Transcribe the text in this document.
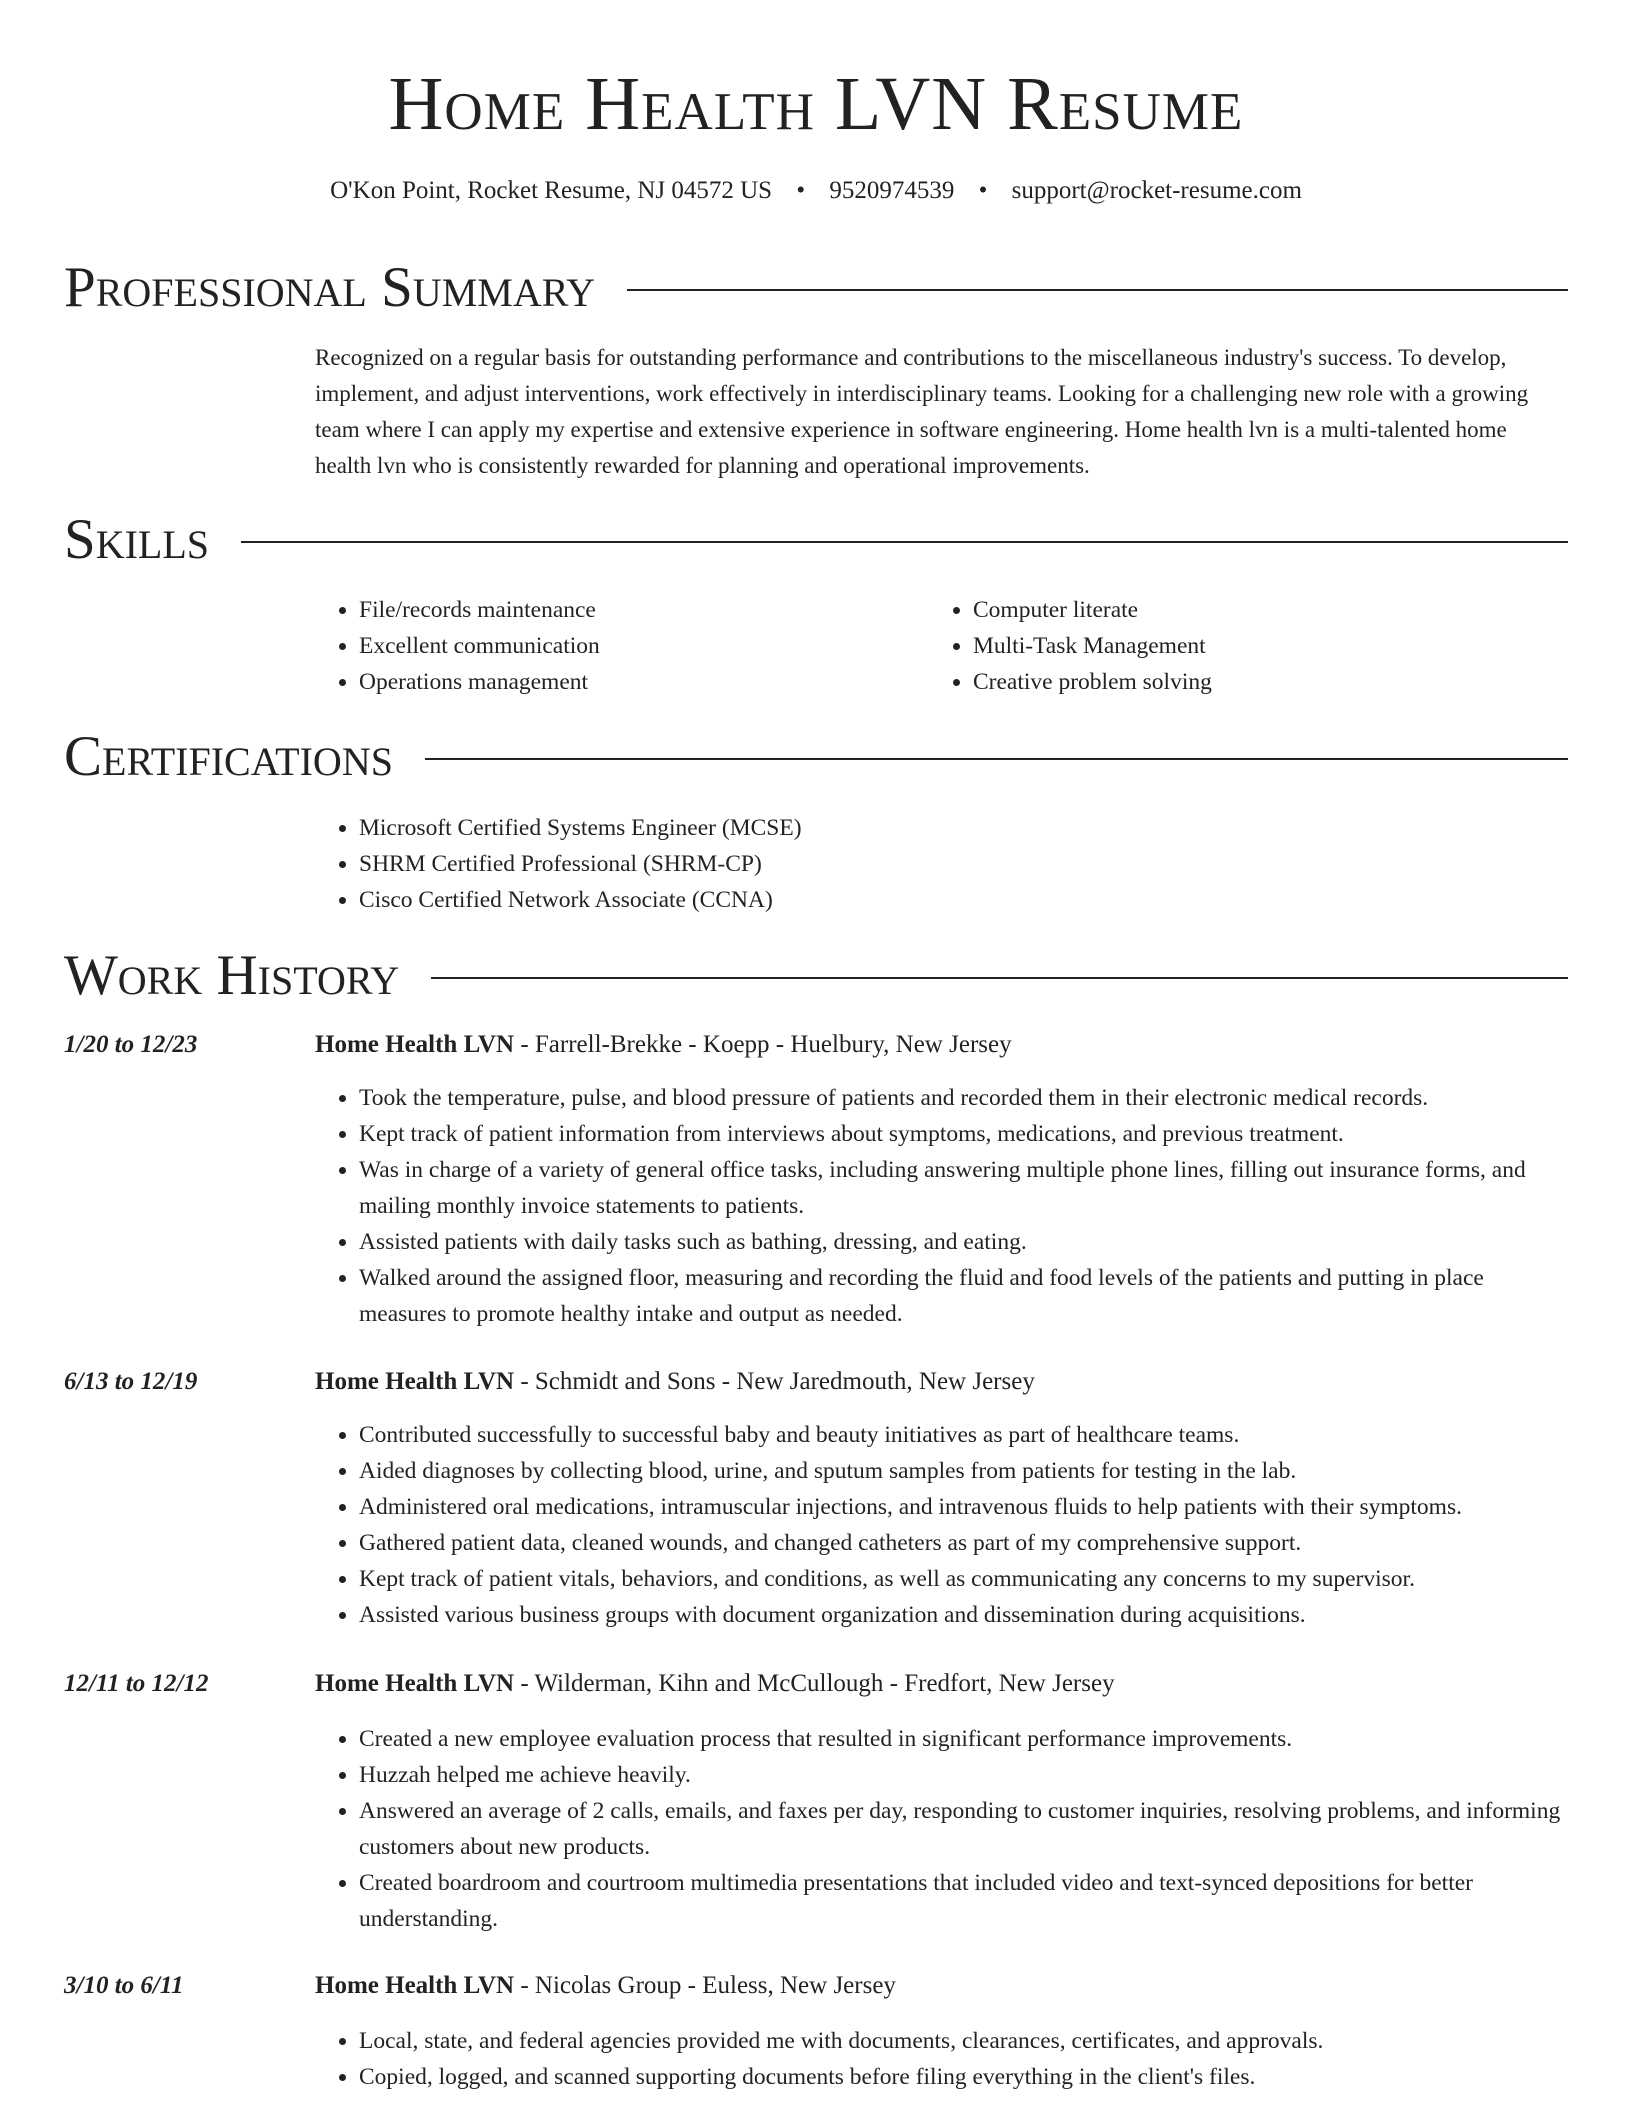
Home Health LVN Resume
O'Kon Point, Rocket Resume, NJ 04572 US • 9520974539 • support@rocket-resume.com
Professional Summary

Recognized on a regular basis for outstanding performance and contributions to the miscellaneous industry's success. To develop, implement, and adjust interventions, work effectively in interdisciplinary teams. Looking for a challenging new role with a growing team where I can apply my expertise and extensive experience in software engineering. Home health lvn is a multi-talented home health lvn who is consistently rewarded for planning and operational improvements.

Skills
• File/records maintenance
• Excellent communication
• Operations management
• Computer literate
• Multi-Task Management
• Creative problem solving
Certifications
• Microsoft Certified Systems Engineer (MCSE)
• SHRM Certified Professional (SHRM-CP)
• Cisco Certified Network Associate (CCNA)
Work History
1/20 to 12/23	Home Health LVN - Farrell-Brekke - Koepp - Huelbury, New Jersey
• Took the temperature, pulse, and blood pressure of patients and recorded them in their electronic medical records.
• Kept track of patient information from interviews about symptoms, medications, and previous treatment.
• Was in charge of a variety of general office tasks, including answering multiple phone lines, filling out insurance forms, and mailing monthly invoice statements to patients.
• Assisted patients with daily tasks such as bathing, dressing, and eating.
• Walked around the assigned floor, measuring and recording the fluid and food levels of the patients and putting in place measures to promote healthy intake and output as needed.
6/13 to 12/19	Home Health LVN - Schmidt and Sons - New Jaredmouth, New Jersey
• Contributed successfully to successful baby and beauty initiatives as part of healthcare teams.
• Aided diagnoses by collecting blood, urine, and sputum samples from patients for testing in the lab.
• Administered oral medications, intramuscular injections, and intravenous fluids to help patients with their symptoms.
• Gathered patient data, cleaned wounds, and changed catheters as part of my comprehensive support.
• Kept track of patient vitals, behaviors, and conditions, as well as communicating any concerns to my supervisor.
• Assisted various business groups with document organization and dissemination during acquisitions.
12/11 to 12/12	Home Health LVN - Wilderman, Kihn and McCullough - Fredfort, New Jersey
• Created a new employee evaluation process that resulted in significant performance improvements.
• Huzzah helped me achieve heavily.
• Answered an average of 2 calls, emails, and faxes per day, responding to customer inquiries, resolving problems, and informing customers about new products.
• Created boardroom and courtroom multimedia presentations that included video and text-synced depositions for better understanding.
3/10 to 6/11	Home Health LVN - Nicolas Group - Euless, New Jersey
• Local, state, and federal agencies provided me with documents, clearances, certificates, and approvals.
• Copied, logged, and scanned supporting documents before filing everything in the client's files.
